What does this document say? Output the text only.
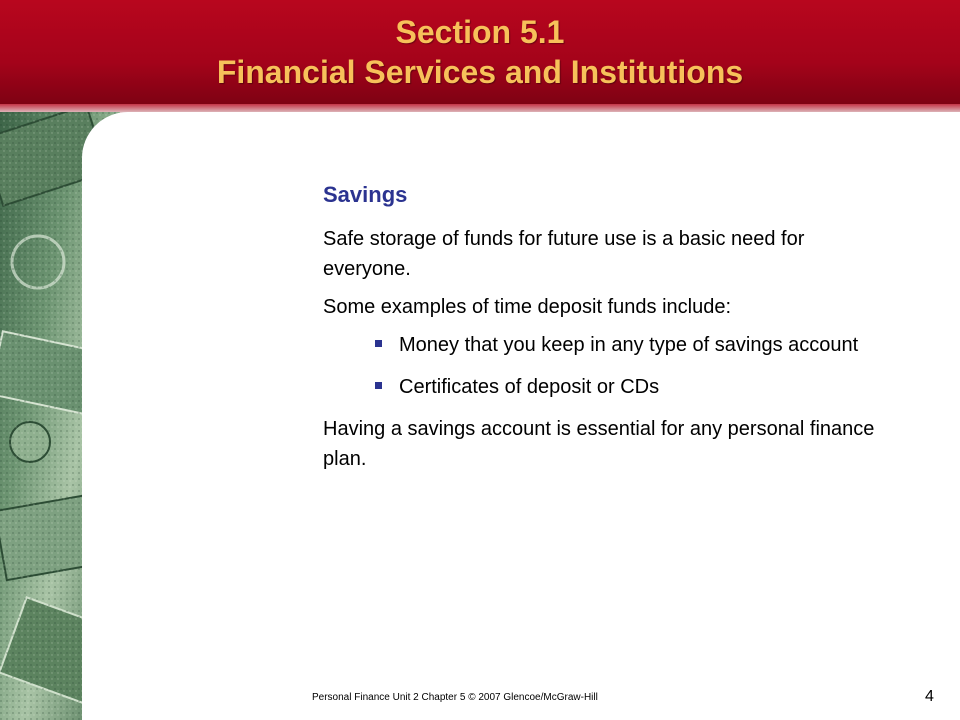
Section 5.1
Financial Services and Institutions
Savings

Safe storage of funds for future use is a basic need for everyone.

Some examples of time deposit funds include:

Money that you keep in any type of savings account
Certificates of deposit or CDs

Having a savings account is essential for any personal finance plan.

Personal Finance Unit 2 Chapter 5 © 2007 Glencoe/McGraw-Hill	4
